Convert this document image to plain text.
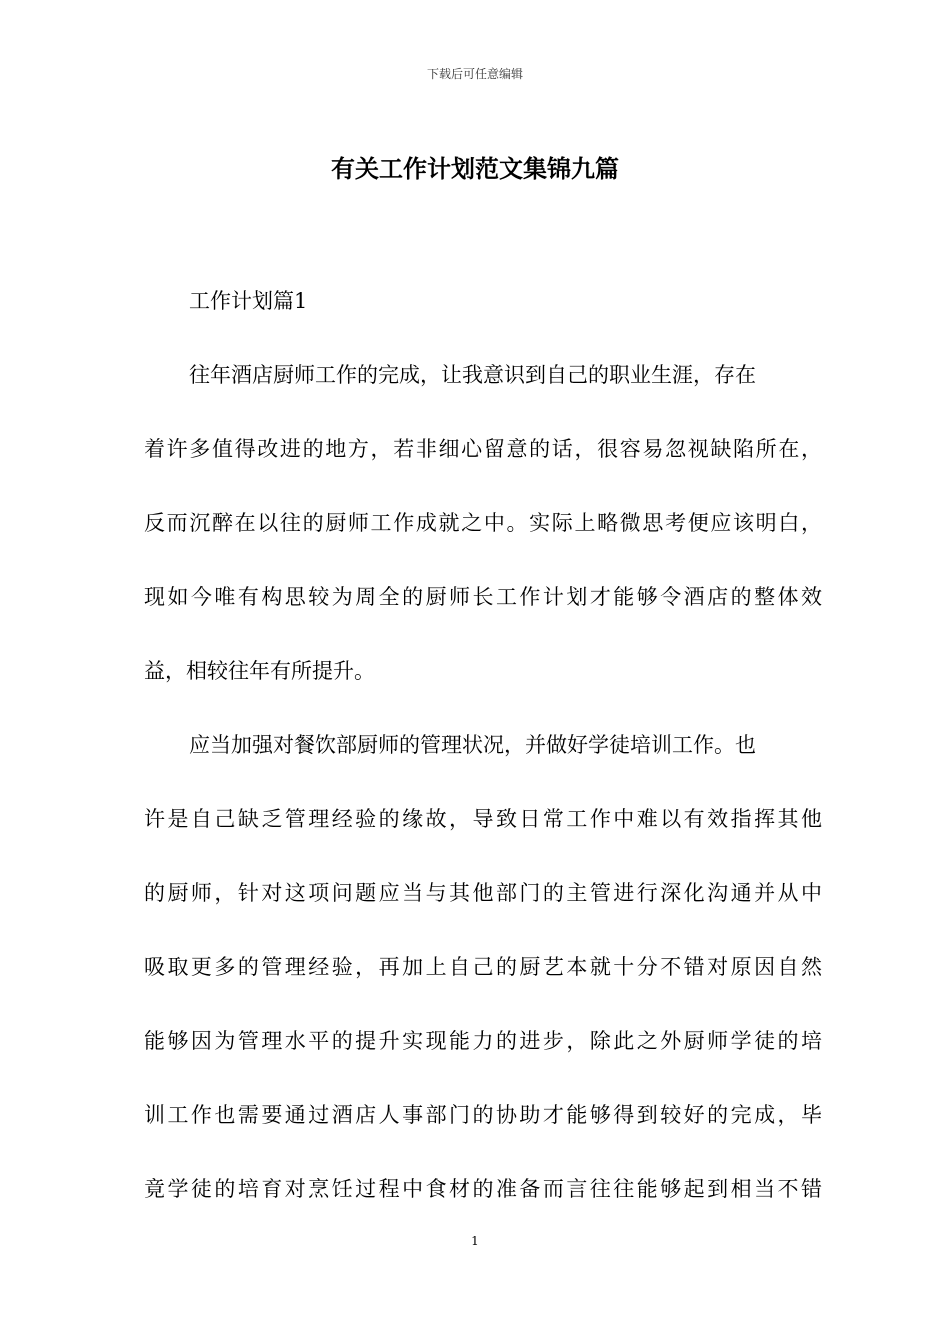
下载后可任意编辑
有关工作计划范文集锦九篇

工作计划篇1

往年酒店厨师工作的完成，让我意识到自己的职业生涯，存在
着许多值得改进的地方，若非细心留意的话，很容易忽视缺陷所在，
反而沉醉在以往的厨师工作成就之中。实际上略微思考便应该明白，
现如今唯有构思较为周全的厨师长工作计划才能够令酒店的整体效
益，相较往年有所提升。
应当加强对餐饮部厨师的管理状况，并做好学徒培训工作。也
许是自己缺乏管理经验的缘故，导致日常工作中难以有效指挥其他
的厨师，针对这项问题应当与其他部门的主管进行深化沟通并从中
吸取更多的管理经验，再加上自己的厨艺本就十分不错对原因自然
能够因为管理水平的提升实现能力的进步，除此之外厨师学徒的培
训工作也需要通过酒店人事部门的协助才能够得到较好的完成，毕
竟学徒的培育对烹饪过程中食材的准备而言往往能够起到相当不错
1
